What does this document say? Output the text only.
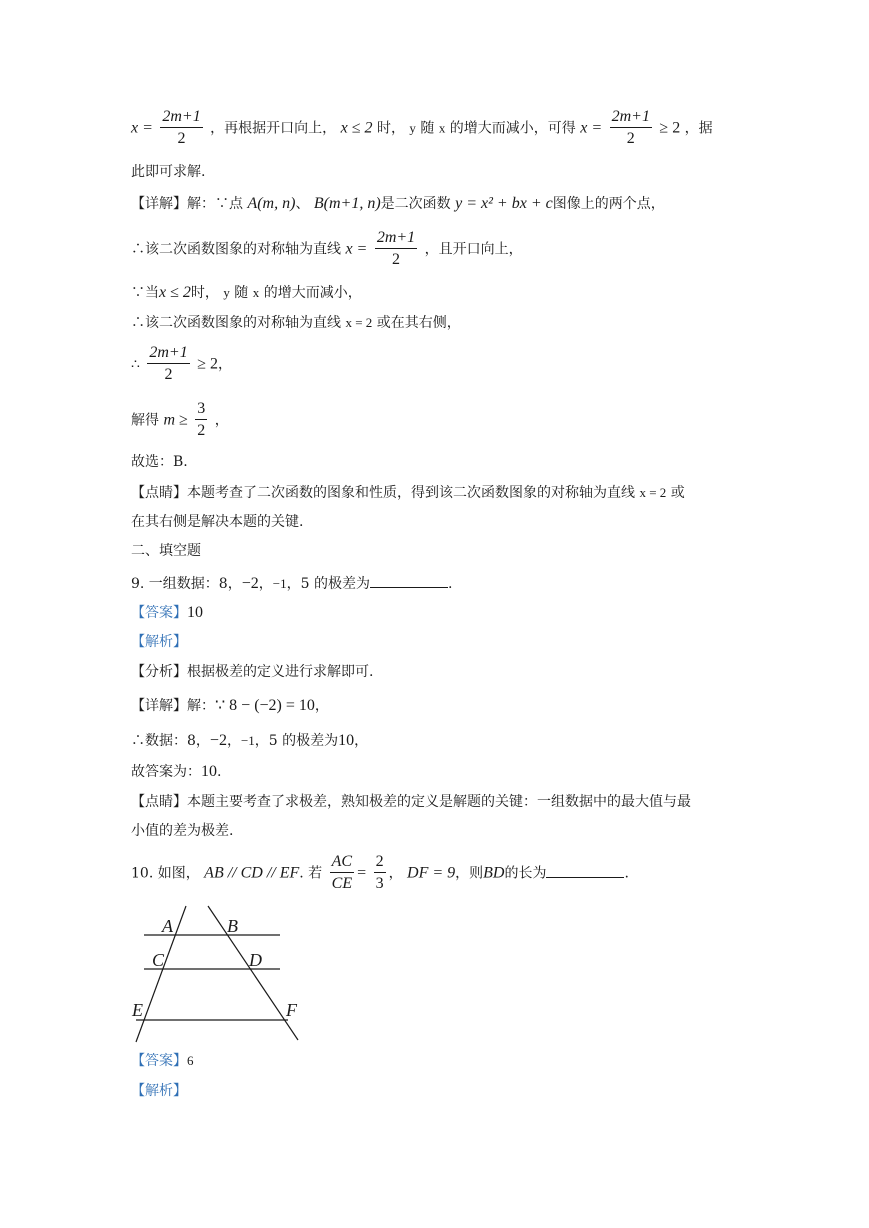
$x = \frac{2m+1}{2}$ ，再根据开口向上， x ≤ 2 时， y 随 x 的增大而减小，可得 $x = \frac{2m+1}{2} \ge 2$ ，据
此即可求解.
【详解】解：∵点 A(m, n)、 B(m+1, n)是二次函数 y = x² + bx + c图像上的两个点，
∴该二次函数图象的对称轴为直线 $x = \frac{2m+1}{2}$ ，且开口向上，
∵当x ≤ 2时， y 随 x 的增大而减小，
∴该二次函数图象的对称轴为直线 x = 2 或在其右侧，
∴ $\frac{2m+1}{2} \ge 2$，
解得 $m \ge \frac{3}{2}$ ，
故选：B.
【点睛】本题考查了二次函数的图象和性质，得到该二次函数图象的对称轴为直线 x = 2 或
在其右侧是解决本题的关键.
二、填空题
9. 一组数据：8，−2，−1，5 的极差为	.
【答案】10
【解析】
【分析】根据极差的定义进行求解即可.
【详解】解：∵ 8 − (−2) = 10，
∴数据：8，−2，−1，5 的极差为10，
故答案为：10.
【点睛】本题主要考查了求极差，熟知极差的定义是解题的关键：一组数据中的最大值与最
小值的差为极差.
10. 如图， AB // CD // EF. 若 $\frac{AC}{CE} = \frac{2}{3}$ ， DF = 9，则BD的长为	.
A	B
C	D
E	F
【答案】6
【解析】
